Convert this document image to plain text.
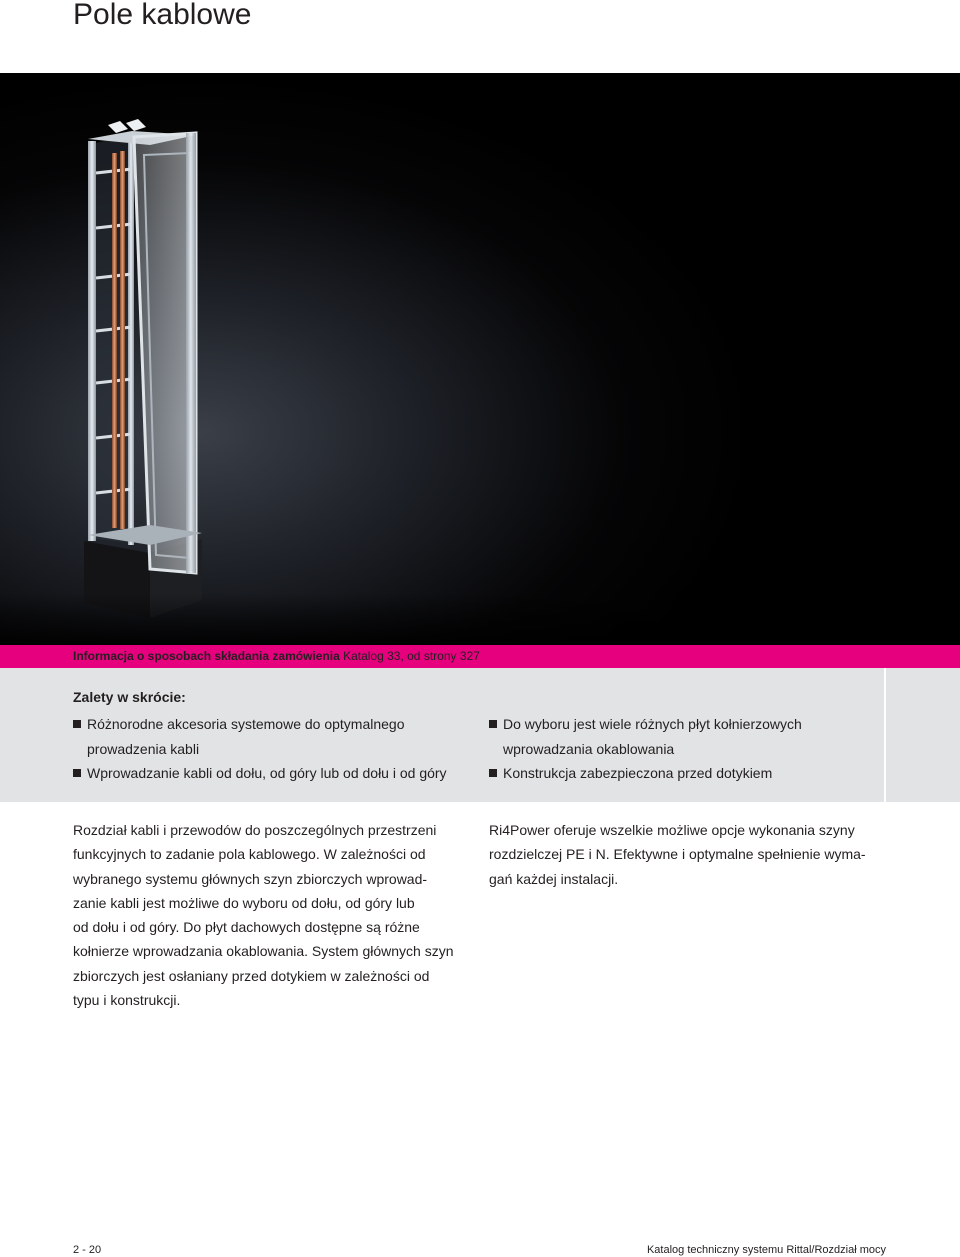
Pole kablowe
Informacja o sposobach składania zamówienia Katalog 33, od strony 327
Zalety w skrócie:
Różnorodne akcesoria systemowe do optymalnego
prowadzenia kabli
Wprowadzanie kabli od dołu, od góry lub od dołu i od góry
Do wyboru jest wiele różnych płyt kołnierzowych
wprowadzania okablowania
Konstrukcja zabezpieczona przed dotykiem

Rozdział kabli i przewodów do poszczególnych przestrzeni
funkcyjnych to zadanie pola kablowego. W zależności od
wybranego systemu głównych szyn zbiorczych wprowad-
zanie kabli jest możliwe do wyboru od dołu, od góry lub
od dołu i od góry. Do płyt dachowych dostępne są różne
kołnierze wprowadzania okablowania. System głównych szyn
zbiorczych jest osłaniany przed dotykiem w zależności od
typu i konstrukcji.

Ri4Power oferuje wszelkie możliwe opcje wykonania szyny
rozdzielczej PE i N. Efektywne i optymalne spełnienie wyma-
gań każdej instalacji.

2 - 20	Katalog techniczny systemu Rittal/Rozdział mocy
